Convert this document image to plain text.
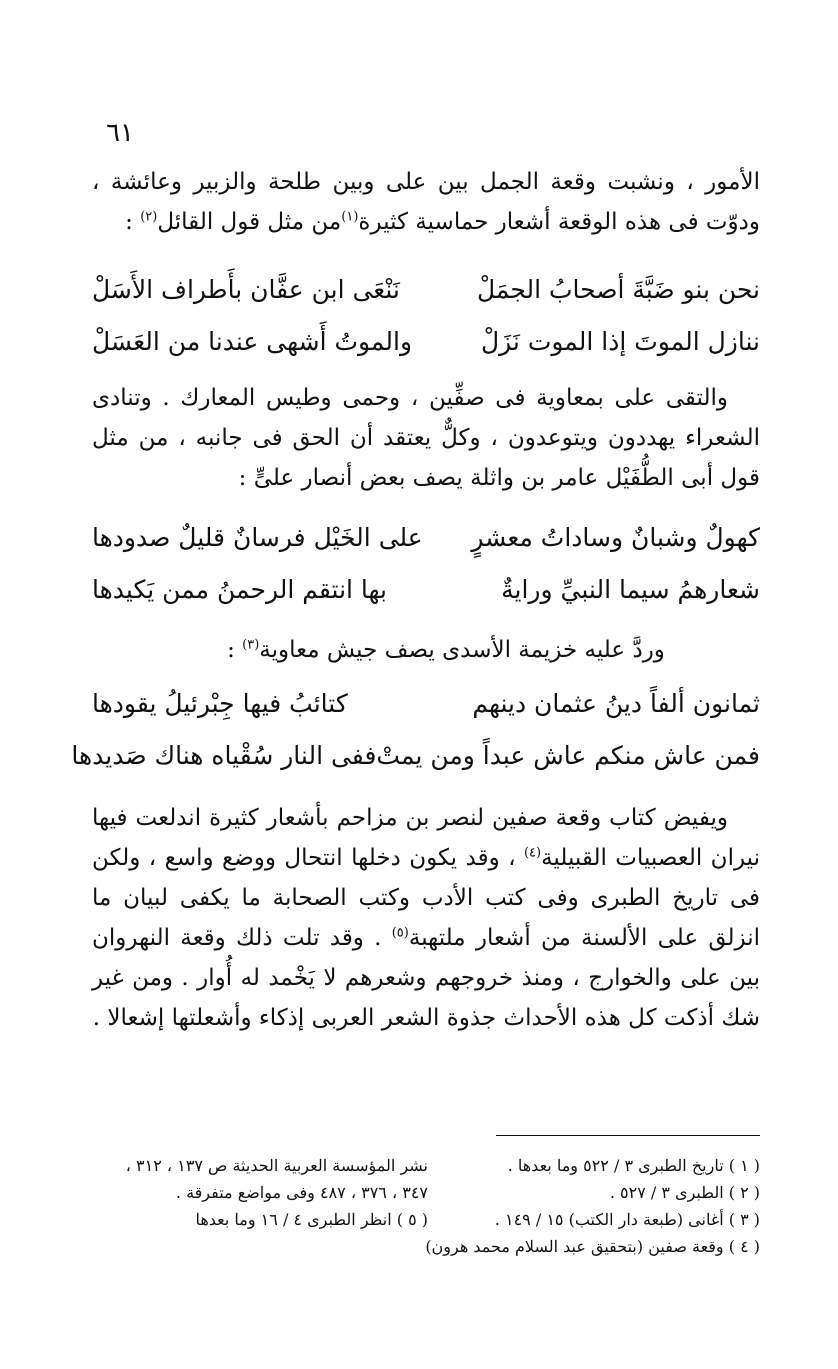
٦١

الأمور ، ونشبت وقعة الجمل بين على وبين طلحة والزبير وعائشة ، ودوّت فى هذه الوقعة أشعار حماسية كثيرة$^{(١)}$من مثل قول القائل$^{(٢)}$ :

نحن بنو ضَبَّةَ أصحابُ الجمَلْ
نَنْعَى ابن عفَّان بأَطراف الأَسَلْ
ننازل الموتَ إذا الموت نَزَلْ
والموتُ أَشهى عندنا من العَسَلْ

والتقى على بمعاوية فى صفِّين ، وحمى وطيس المعارك . وتنادى الشعراء يهددون ويتوعدون ، وكلٌّ يعتقد أن الحق فى جانبه ، من مثل قول أبى الطُّفَيْل عامر بن واثلة يصف بعض أنصار علىٍّ :

كهولٌ وشبانٌ وساداتُ معشرٍ
على الخَيْل فرسانٌ قليلٌ صدودها
شعارهمُ سيما النبيِّ ورايةٌ
بها انتقم الرحمنُ ممن يَكيدها
وردَّ عليه خزيمة الأسدى يصف جيش معاوية$^{(٣)}$ :
ثمانون ألفاً دينُ عثمان دينهم
كتائبُ فيها جِبْرئيلُ يقودها
فمن عاش منكم عاش عبداً ومن يمتْ
ففى النار سُقْياه هناك صَديدها

ويفيض كتاب وقعة صفين لنصر بن مزاحم بأشعار كثيرة اندلعت فيها نيران العصبيات القبيلية$^{(٤)}$ ، وقد يكون دخلها انتحال ووضع واسع ، ولكن فى تاريخ الطبرى وفى كتب الأدب وكتب الصحابة ما يكفى لبيان ما انزلق على الألسنة من أشعار ملتهبة$^{(٥)}$ . وقد تلت ذلك وقعة النهروان بين على والخوارج ، ومنذ خروجهم وشعرهم لا يَخْمد له أُوار . ومن غير شك أذكت كل هذه الأحداث جذوة الشعر العربى إذكاء وأشعلتها إشعالا .

( ١ ) تاريخ الطبرى ٣ / ٥٢٢ وما بعدها .
( ٢ ) الطبرى ٣ / ٥٢٧ .
( ٣ ) أغانى (طبعة دار الكتب) ١٥ / ١٤٩ .
( ٤ ) وقعة صفين (بتحقيق عبد السلام محمد هرون)
نشر المؤسسة العربية الحديثة ص ١٣٧ ، ٣١٢ ،
٣٤٧ ، ٣٧٦ ، ٤٨٧ وفى مواضع متفرقة .
( ٥ ) انظر الطبرى ٤ / ١٦ وما بعدها
